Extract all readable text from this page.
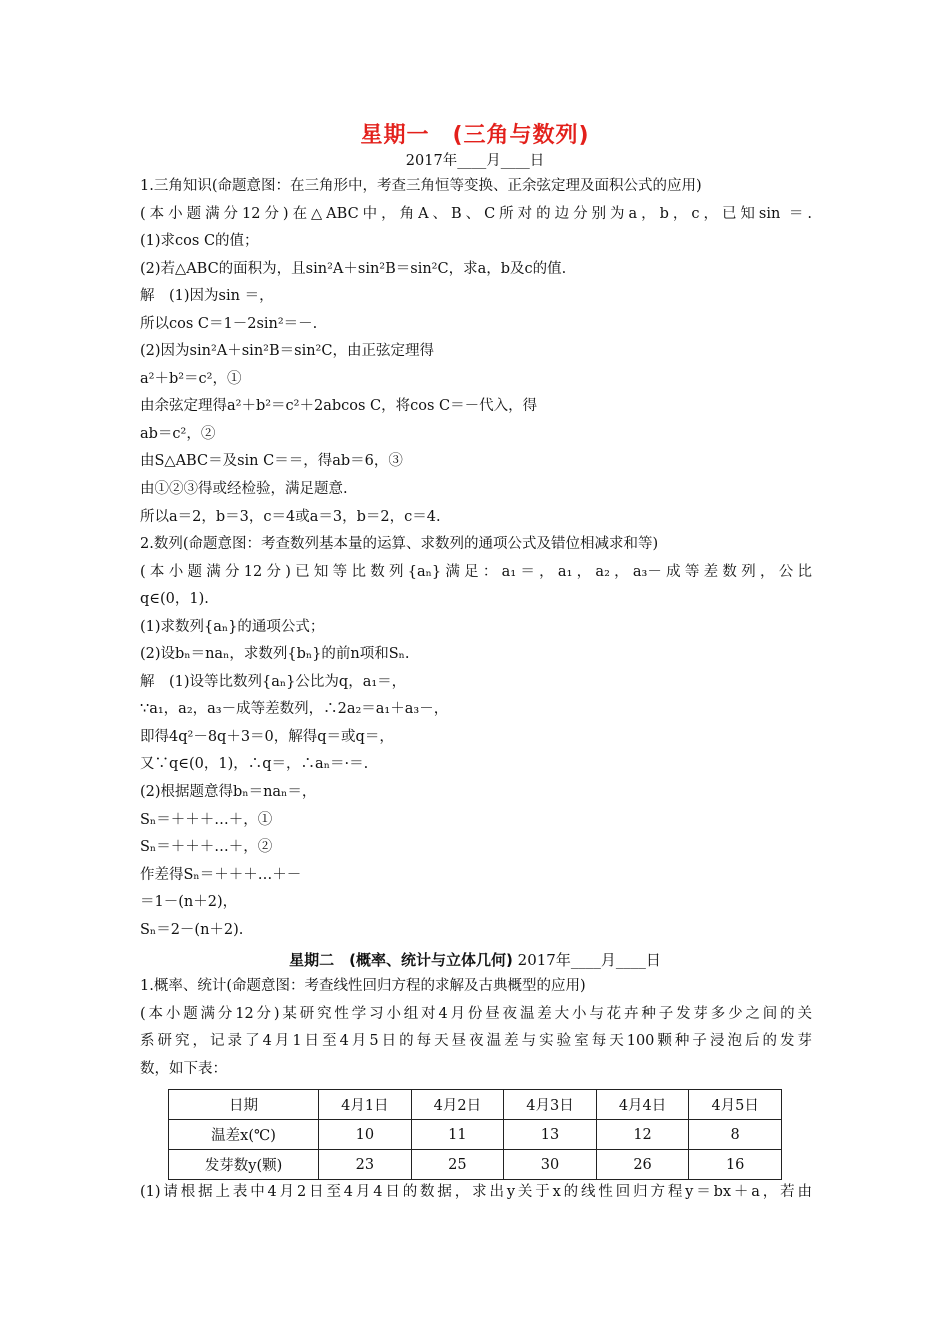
星期一　(三角与数列)
2017年____月____日
1.三角知识(命题意图：在三角形中，考查三角恒等变换、正余弦定理及面积公式的应用)
(本小题满分12分)在△ABC中，角A、B、C所对的边分别为a，b，c，已知sin ＝.
(1)求cos C的值；
(2)若△ABC的面积为，且sin²A＋sin²B＝sin²C，求a，b及c的值.
解　(1)因为sin ＝，
所以cos C＝1－2sin²＝－.
(2)因为sin²A＋sin²B＝sin²C，由正弦定理得
a²＋b²＝c²，①
由余弦定理得a²＋b²＝c²＋2abcos C，将cos C＝－代入，得
ab＝c²，②
由S△ABC＝及sin C＝＝，得ab＝6，③
由①②③得或经检验，满足题意.
所以a＝2，b＝3，c＝4或a＝3，b＝2，c＝4.
2.数列(命题意图：考查数列基本量的运算、求数列的通项公式及错位相减求和等)
(本小题满分12分)已知等比数列{aₙ}满足：a₁＝，a₁，a₂，a₃－成等差数列，公比
q∈(0，1).
(1)求数列{aₙ}的通项公式；
(2)设bₙ＝naₙ，求数列{bₙ}的前n项和Sₙ.
解　(1)设等比数列{aₙ}公比为q，a₁＝，
∵a₁，a₂，a₃－成等差数列，∴2a₂＝a₁＋a₃－，
即得4q²－8q＋3＝0，解得q＝或q＝，
又∵q∈(0，1)，∴q＝，∴aₙ＝·＝.
(2)根据题意得bₙ＝naₙ＝，
Sₙ＝＋＋＋…＋，①
Sₙ＝＋＋＋…＋，②
作差得Sₙ＝＋＋＋…＋－
＝1－(n＋2)，
Sₙ＝2－(n＋2).
星期二　(概率、统计与立体几何) 2017年____月____日
1.概率、统计(命题意图：考查线性回归方程的求解及古典概型的应用)
(本小题满分12分)某研究性学习小组对4月份昼夜温差大小与花卉种子发芽多少之间的关
系研究，记录了4月1日至4月5日的每天昼夜温差与实验室每天100颗种子浸泡后的发芽
数，如下表：
日期	4月1日	4月2日	4月3日	4月4日	4月5日
温差x(℃)	10	11	13	12	8
发芽数y(颗)	23	25	30	26	16
(1)请根据上表中4月2日至4月4日的数据，求出y关于x的线性回归方程y＝bx＋a，若由
